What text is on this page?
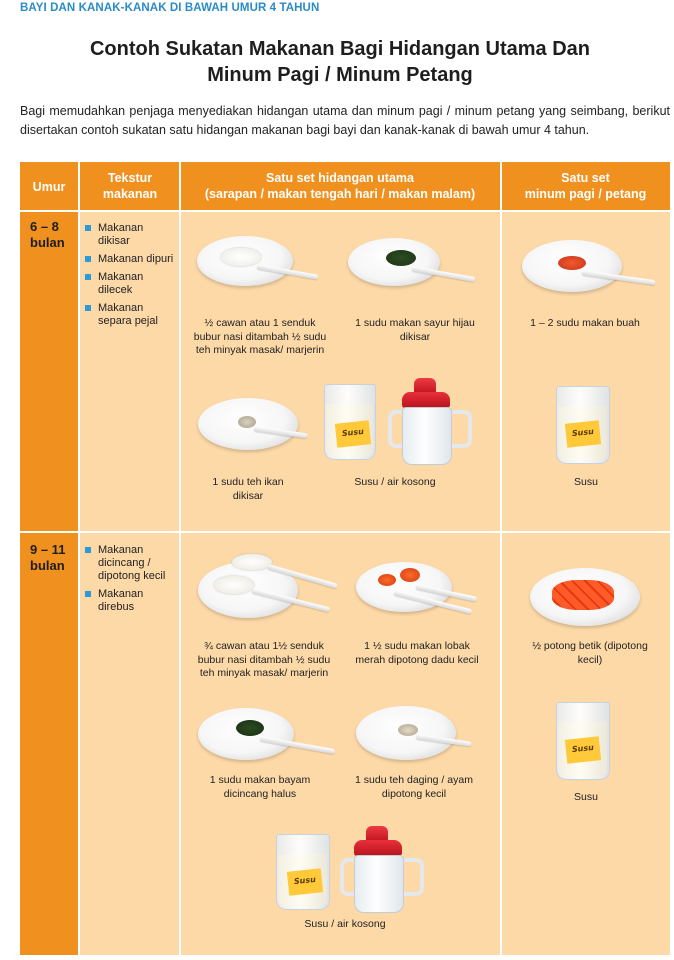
BAYI DAN KANAK-KANAK DI BAWAH UMUR 4 TAHUN
Contoh Sukatan Makanan Bagi Hidangan Utama Dan
Minum Pagi / Minum Petang
Bagi memudahkan penjaga menyediakan hidangan utama dan minum pagi / minum petang yang seimbang, berikut disertakan contoh sukatan satu hidangan makanan bagi bayi dan kanak-kanak di bawah umur 4 tahun.
Umur
Tekstur
makanan
Satu set hidangan utama
(sarapan / makan tengah hari / makan malam)
Satu set
minum pagi / petang
6 – 8
bulan
Makanan dikisar
Makanan dipuri
Makanan dilecek
Makanan separa pejal	½ cawan atau 1 senduk bubur nasi ditambah ½ sudu teh minyak masak/ marjerin
1 sudu makan sayur hijau dikisar
1 sudu teh ikan dikisar
Susu
Susu / air kosong
1 – 2 sudu makan buah
Susu
Susu
9 – 11
bulan
Makanan dicincang / dipotong kecil
Makanan direbus
¾ cawan atau 1½ senduk bubur nasi ditambah ½ sudu teh minyak masak/ marjerin
1 ½ sudu makan lobak merah dipotong dadu kecil
1 sudu makan bayam dicincang halus
1 sudu teh daging / ayam dipotong kecil
Susu
Susu / air kosong
½ potong betik (dipotong kecil)
Susu
Susu
